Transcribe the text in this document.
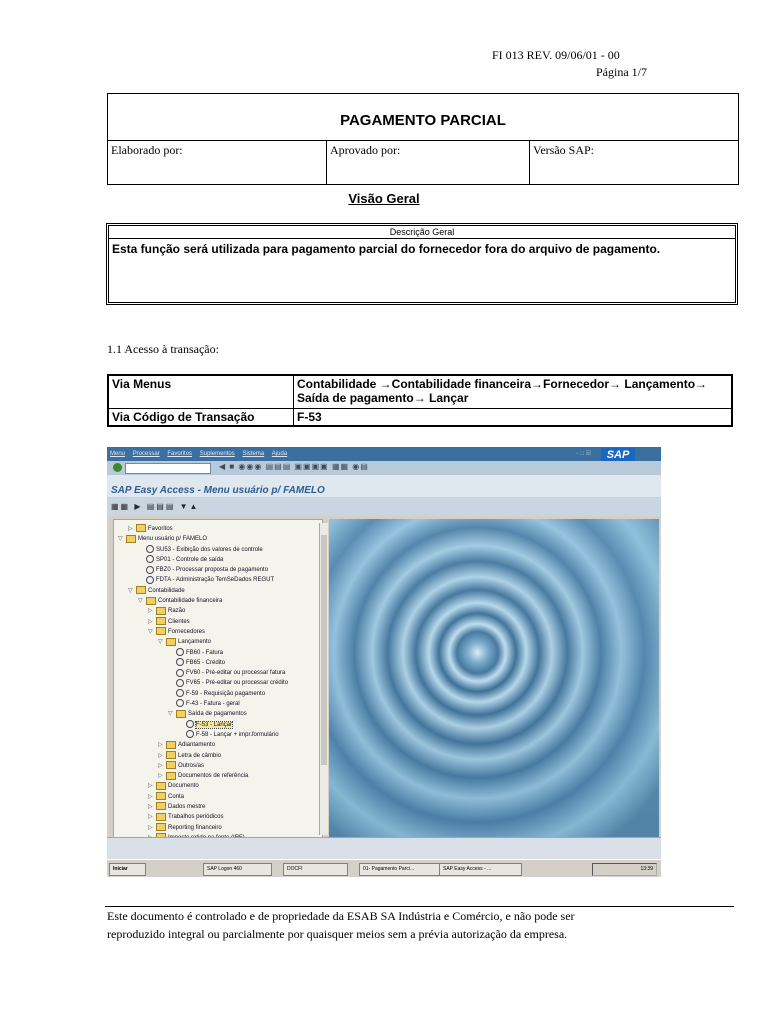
FI 013 REV. 09/06/01 - 00
Página 1/7
PAGAMENTO PARCIAL
Elaborado por:	Aprovado por:	Versão SAP:
Visão Geral
Descrição Geral
Esta função será utilizada para pagamento parcial do fornecedor fora do arquivo de pagamento.
1.1 Acesso à transação:
Via Menus	Contabilidade →Contabilidade financeira→Fornecedor→ Lançamento→ Saída de pagamento→ Lançar
Via Código de Transação	F-53
Menu Processar Favoritos Suplementos Sistema Ajuda	▫ □ ☒	SAP
◀ ■ ◉◉◉ ▤▤▤ ▣▣▣▣ ▦▦ ◉▤
SAP Easy Access - Menu usuário p/ FAMELO
▦▦ ▶ ▤▤▤ ▼▲
▷	Favoritos
▽	Menu usuário p/ FAMELO
SU53 - Exibição dos valores de controle
SP01 - Controle de saída
FBZ0 - Processar proposta de pagamento
FDTA - Administração TemSeDados REGUT
▽	Contabilidade
▽	Contabilidade financeira
▷	Razão
▷	Clientes
▽	Fornecedores
▽	Lançamento
FB60 - Fatura
FB65 - Crédito
FV60 - Pré-editar ou processar fatura
FV65 - Pré-editar ou processar crédito
F-59 - Requisição pagamento
F-43 - Fatura - geral
▽	Saída de pagamentos
F-53 - Lançar
F-58 - Lançar + impr.formulário
▷	Adiantamento
▷	Letra de câmbio
▷	Outros/as
▷	Documentos de referência
▷	Documento
▷	Conta
▷	Dados mestre
▷	Trabalhos periódicos
▷	Reporting financeiro
Iniciar	SAP Logon 460	DOCFI	01- Pagamento Parci...	SAP Easy Access - ...	13:39
Este documento é controlado e de propriedade da ESAB SA Indústria e Comércio, e não pode ser
reproduzido integral ou parcialmente por quaisquer meios sem a prévia autorização da empresa.
